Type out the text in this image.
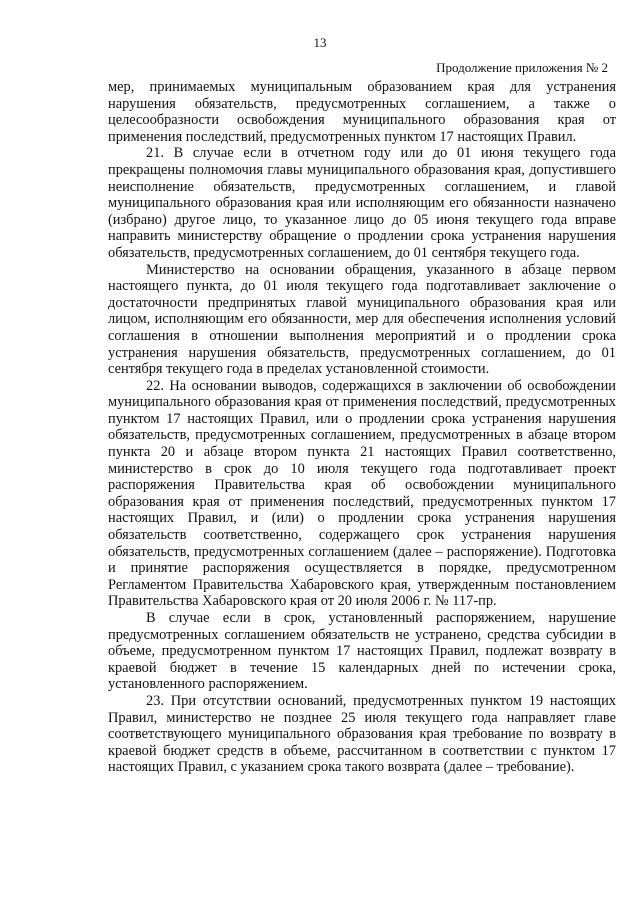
13
Продолжение приложения № 2

мер, принимаемых муниципальным образованием края для устранения нарушения обязательств, предусмотренных соглашением, а также о целесообразности освобождения муниципального образования края от применения последствий, предусмотренных пунктом 17 настоящих Правил.

21. В случае если в отчетном году или до 01 июня текущего года прекращены полномочия главы муниципального образования края, допустившего неисполнение обязательств, предусмотренных соглашением, и главой муниципального образования края или исполняющим его обязанности назначено (избрано) другое лицо, то указанное лицо до 05 июня текущего года вправе направить министерству обращение о продлении срока устранения нарушения обязательств, предусмотренных соглашением, до 01 сентября текущего года.

Министерство на основании обращения, указанного в абзаце первом настоящего пункта, до 01 июля текущего года подготавливает заключение о достаточности предпринятых главой муниципального образования края или лицом, исполняющим его обязанности, мер для обеспечения исполнения условий соглашения в отношении выполнения мероприятий и о продлении срока устранения нарушения обязательств, предусмотренных соглашением, до 01 сентября текущего года в пределах установленной стоимости.

22. На основании выводов, содержащихся в заключении об освобождении муниципального образования края от применения последствий, предусмотренных пунктом 17 настоящих Правил, или о продлении срока устранения нарушения обязательств, предусмотренных соглашением, предусмотренных в абзаце втором пункта 20 и абзаце втором пункта 21 настоящих Правил соответственно, министерство в срок до 10 июля текущего года подготавливает проект распоряжения Правительства края об освобождении муниципального образования края от применения последствий, предусмотренных пунктом 17 настоящих Правил, и (или) о продлении срока устранения нарушения обязательств соответственно, содержащего срок устранения нарушения обязательств, предусмотренных соглашением (далее – распоряжение). Подготовка и принятие распоряжения осуществляется в порядке, предусмотренном Регламентом Правительства Хабаровского края, утвержденным постановлением Правительства Хабаровского края от 20 июля 2006 г. № 117-пр.

В случае если в срок, установленный распоряжением, нарушение предусмотренных соглашением обязательств не устранено, средства субсидии в объеме, предусмотренном пунктом 17 настоящих Правил, подлежат возврату в краевой бюджет в течение 15 календарных дней по истечении срока, установленного распоряжением.

23. При отсутствии оснований, предусмотренных пунктом 19 настоящих Правил, министерство не позднее 25 июля текущего года направляет главе соответствующего муниципального образования края требование по возврату в краевой бюджет средств в объеме, рассчитанном в соответствии с пунктом 17 настоящих Правил, с указанием срока такого возврата (далее – требование).
